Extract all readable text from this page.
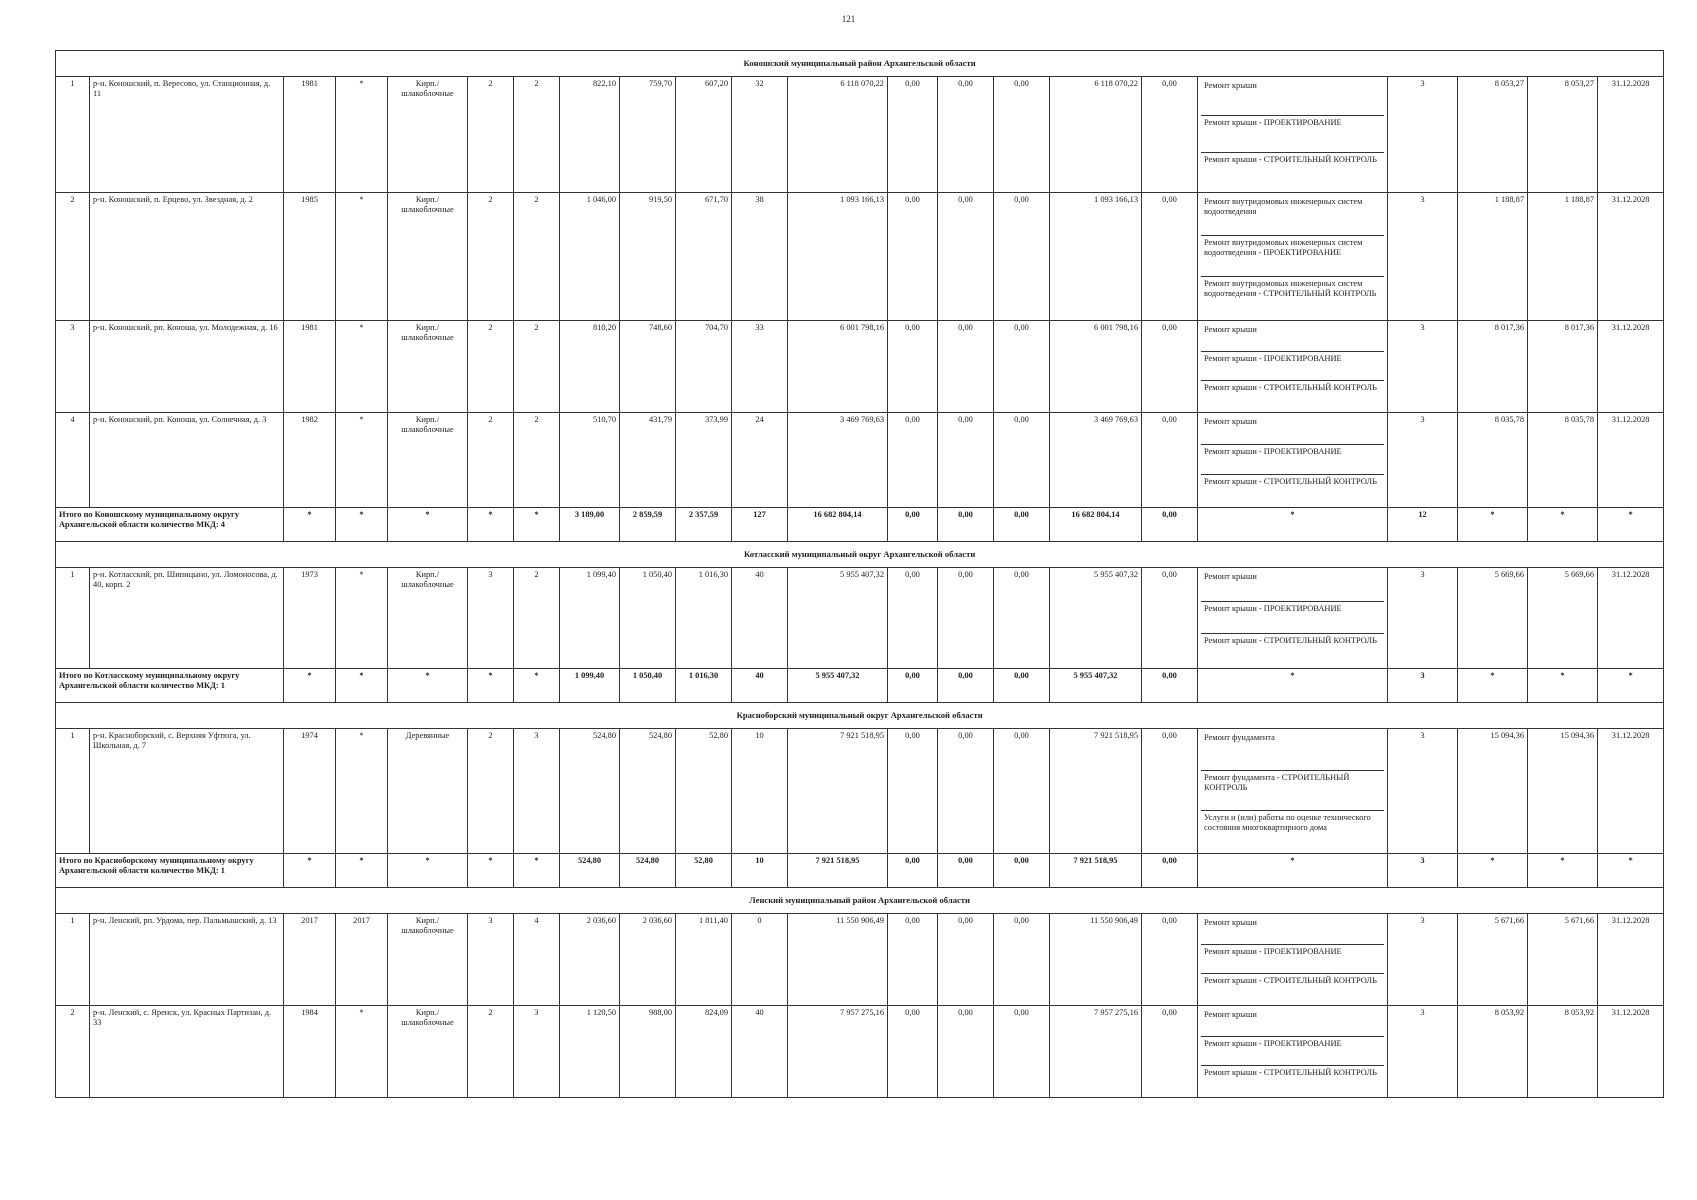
121
Коношский муниципальный район Архангельской области																					
1	р-н. Коношский, п. Вересово, ул. Станционная, д. 11	1981	*	Кирп./ шлакоблочные	2	2	822,10	759,70	607,20	32	6 118 070,22	0,00	0,00	0,00	6 118 070,22	0,00	Ремонт крыши
Ремонт крыши - ПРОЕКТИРОВАНИЕ
Ремонт крыши - СТРОИТЕЛЬНЫЙ КОНТРОЛЬ	3	8 053,27	8 053,27	31.12.2028
2	р-н. Коношский, п. Ерцево, ул. Звездная, д. 2	1985	*	Кирп./ шлакоблочные	2	2	1 046,00	919,50	671,70	38	1 093 166,13	0,00	0,00	0,00	1 093 166,13	0,00	Ремонт внутридомовых инженерных систем водоотведения
Ремонт внутридомовых инженерных систем водоотведения - ПРОЕКТИРОВАНИЕ
Ремонт внутридомовых инженерных систем водоотведения - СТРОИТЕЛЬНЫЙ КОНТРОЛЬ	3	1 188,87	1 188,87	31.12.2028
3	р-н. Коношский, рп. Коноша, ул. Молодежная, д. 16	1981	*	Кирп./ шлакоблочные	2	2	810,20	748,60	704,70	33	6 001 798,16	0,00	0,00	0,00	6 001 798,16	0,00	Ремонт крыши
Ремонт крыши - ПРОЕКТИРОВАНИЕ
Ремонт крыши - СТРОИТЕЛЬНЫЙ КОНТРОЛЬ	3	8 017,36	8 017,36	31.12.2028
4	р-н. Коношский, рп. Коноша, ул. Солнечная, д. 3	1982	*	Кирп./ шлакоблочные	2	2	510,70	431,79	373,99	24	3 469 769,63	0,00	0,00	0,00	3 469 769,63	0,00	Ремонт крыши
Ремонт крыши - ПРОЕКТИРОВАНИЕ
Ремонт крыши - СТРОИТЕЛЬНЫЙ КОНТРОЛЬ	3	8 035,78	8 035,78	31.12.2028
Итого по Коношскому муниципальному округу Архангельской области количество МКД: 4		*	*	*	*	*	3 189,00	2 859,59	2 357,59	127	16 682 804,14	0,00	0,00	0,00	16 682 804,14	0,00	*	12	*	*	*
Котласский муниципальный округ Архангельской области																					
1	р-н. Котласский, рп. Шипицыно, ул. Ломоносова, д. 40, корп. 2	1973	*	Кирп./ шлакоблочные	3	2	1 099,40	1 050,40	1 016,30	40	5 955 407,32	0,00	0,00	0,00	5 955 407,32	0,00	Ремонт крыши
Ремонт крыши - ПРОЕКТИРОВАНИЕ
Ремонт крыши - СТРОИТЕЛЬНЫЙ КОНТРОЛЬ	3	5 669,66	5 669,66	31.12.2028
Итого по Котласскому муниципальному округу Архангельской области количество МКД: 1		*	*	*	*	*	1 099,40	1 050,40	1 016,30	40	5 955 407,32	0,00	0,00	0,00	5 955 407,32	0,00	*	3	*	*	*
Красноборский муниципальный округ Архангельской области																					
1	р-н. Красноборский, с. Верхняя Уфтюга, ул. Школьная, д. 7	1974	*	Деревянные	2	3	524,80	524,80	52,80	10	7 921 518,95	0,00	0,00	0,00	7 921 518,95	0,00	Ремонт фундамента
Ремонт фундамента - СТРОИТЕЛЬНЫЙ КОНТРОЛЬ
Услуги и (или) работы по оценке технического состояния многоквартирного дома	3	15 094,36	15 094,36	31.12.2028
Итого по Красноборскому муниципальному округу Архангельской области количество МКД: 1		*	*	*	*	*	524,80	524,80	52,80	10	7 921 518,95	0,00	0,00	0,00	7 921 518,95	0,00	*	3	*	*	*
Ленский муниципальный район Архангельской области																					
1	р-н. Ленский, рп. Урдома, пер. Пальмышский, д. 13	2017	2017	Кирп./ шлакоблочные	3	4	2 036,60	2 036,60	1 811,40	0	11 550 906,49	0,00	0,00	0,00	11 550 906,49	0,00	Ремонт крыши
Ремонт крыши - ПРОЕКТИРОВАНИЕ
Ремонт крыши - СТРОИТЕЛЬНЫЙ КОНТРОЛЬ	3	5 671,66	5 671,66	31.12.2028
2	р-н. Ленский, с. Яренск, ул. Красных Партизан, д. 33	1984	*	Кирп./ шлакоблочные	2	3	1 120,50	988,00	824,09	40	7 957 275,16	0,00	0,00	0,00	7 957 275,16	0,00	Ремонт крыши
Ремонт крыши - ПРОЕКТИРОВАНИЕ
Ремонт крыши - СТРОИТЕЛЬНЫЙ КОНТРОЛЬ	3	8 053,92	8 053,92	31.12.2028
